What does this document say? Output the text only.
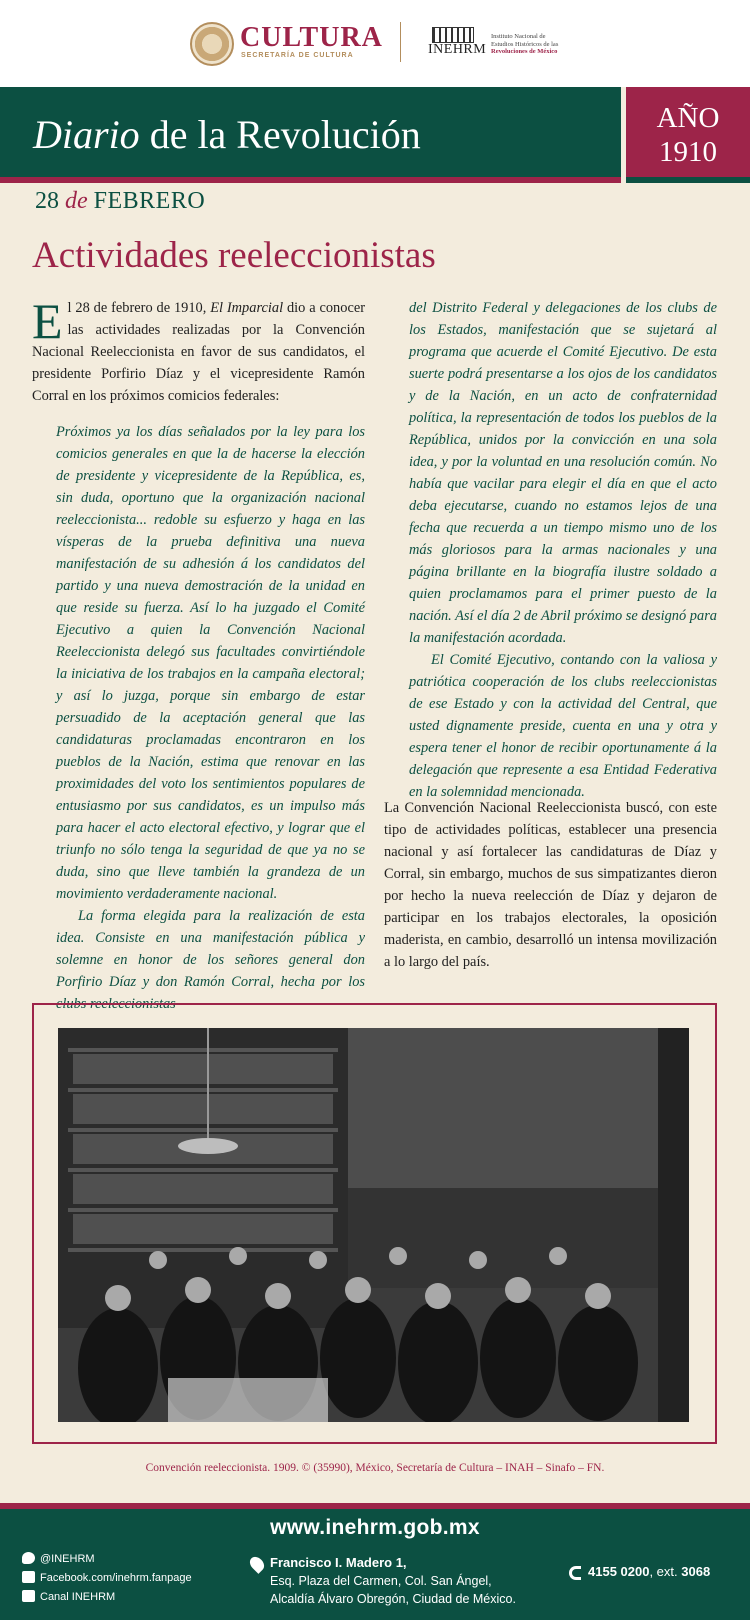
CULTURA
SECRETARÍA DE CULTURA	INEHRM
Instituto Nacional de
Estudios Históricos de las
Revoluciones de México
Diario de la Revolución	AÑO
1910
28 de FEBRERO
Actividades reeleccionistas
El 28 de febrero de 1910, El Imparcial dio a conocer las actividades realizadas por la Convención Nacional Reeleccionista en favor de sus candidatos, el presidente Porfirio Díaz y el vicepresidente Ramón Corral en los próximos comicios federales:
Próximos ya los días señalados por la ley para los comicios generales en que la de hacerse la elección de presidente y vicepresidente de la República, es, sin duda, oportuno que la organización nacional reeleccionista... redoble su esfuerzo y haga en las vísperas de la prueba definitiva una nueva manifestación de su adhesión á los candidatos del partido y una nueva demostración de la unidad en que reside su fuerza. Así lo ha juzgado el Comité Ejecutivo a quien la Convención Nacional Reeleccionista delegó sus facultades convirtiéndole la iniciativa de los trabajos en la campaña electoral; y así lo juzga, porque sin embargo de estar persuadido de la aceptación general que las candidaturas proclamadas encontraron en los pueblos de la Nación, estima que renovar en las proximidades del voto los sentimientos populares de entusiasmo por sus candidatos, es un impulso más para hacer el acto electoral efectivo, y lograr que el triunfo no sólo tenga la seguridad de que ya no se duda, sino que lleve también la grandeza de un movimiento verdaderamente nacional.
La forma elegida para la realización de esta idea. Consiste en una manifestación pública y solemne en honor de los señores general don Porfirio Díaz y don Ramón Corral, hecha por los clubs reeleccionistas
del Distrito Federal y delegaciones de los clubs de los Estados, manifestación que se sujetará al programa que acuerde el Comité Ejecutivo. De esta suerte podrá presentarse a los ojos de los candidatos y de la Nación, en un acto de confraternidad política, la representación de todos los pueblos de la República, unidos por la convicción en una sola idea, y por la voluntad en una resolución común. No había que vacilar para elegir el día en que el acto deba ejecutarse, cuando no estamos lejos de una fecha que recuerda a un tiempo mismo uno de los más gloriosos para la armas nacionales y una página brillante en la biografía ilustre soldado a quien proclamamos para el primer puesto de la nación. Así el día 2 de Abril próximo se designó para la manifestación acordada.
El Comité Ejecutivo, contando con la valiosa y patriótica cooperación de los clubs reeleccionistas de ese Estado y con la actividad del Central, que usted dignamente preside, cuenta en una y otra y espera tener el honor de recibir oportunamente á la delegación que represente a esa Entidad Federativa en la solemnidad mencionada.
La Convención Nacional Reeleccionista buscó, con este tipo de actividades políticas, establecer una presencia nacional y así fortalecer las candidaturas de Díaz y Corral, sin embargo, muchos de sus simpatizantes dieron por hecho la nueva reelección de Díaz y dejaron de participar en los trabajos electorales, la oposición maderista, en cambio, desarrolló un intensa movilización a lo largo del país.
Convención reeleccionista. 1909. © (35990), México, Secretaría de Cultura – INAH – Sinafo – FN.
www.inehrm.gob.mx
@INEHRM
Facebook.com/inehrm.fanpage
Canal INEHRM
Francisco I. Madero 1,
Esq. Plaza del Carmen, Col. San Ángel,
Alcaldía Álvaro Obregón, Ciudad de México.
4155 0200, ext. 3068
